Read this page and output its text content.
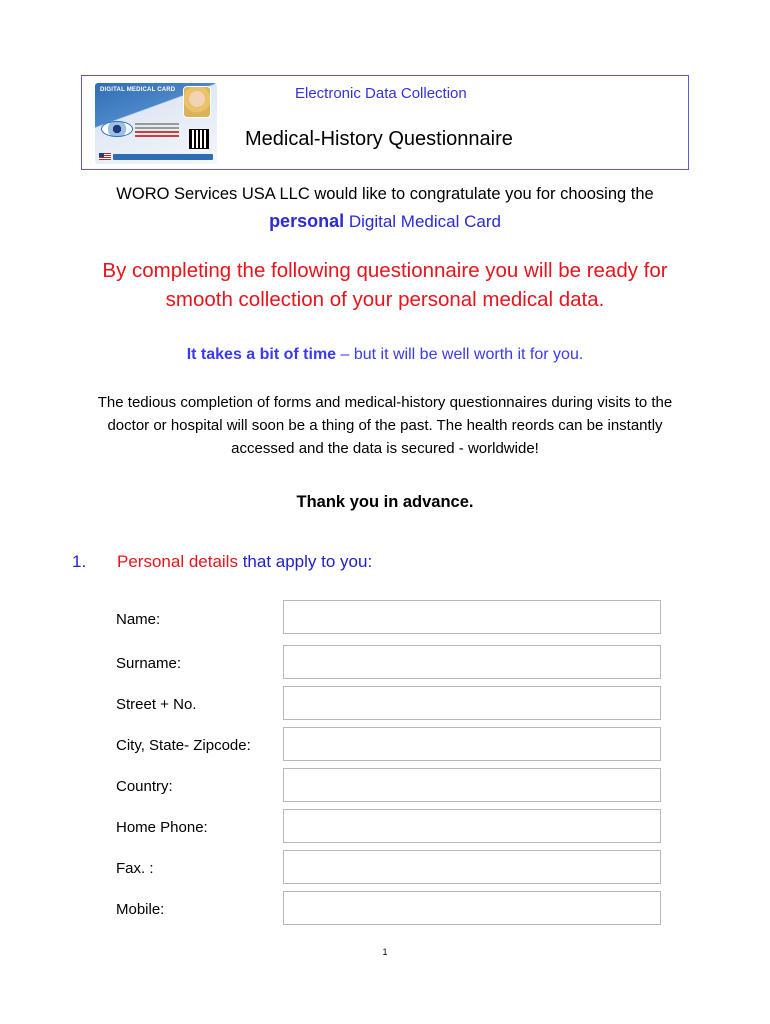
DIGITAL MEDICAL CARD	Electronic Data Collection
Medical-History Questionnaire
WORO Services USA LLC would like to congratulate you for choosing the
personal Digital Medical Card
By completing the following questionnaire you will be ready for
smooth collection of your personal medical data.
It takes a bit of time – but it will be well worth it for you.
The tedious completion of forms and medical-history questionnaires during visits to the
doctor or hospital will soon be a thing of the past. The health reords can be instantly
accessed and the data is secured - worldwide!
Thank you in advance.
1. Personal details that apply to you:
Name:
Surname:
Street + No.
City, State- Zipcode:
Country:
Home Phone:
Fax. :
Mobile:
1
